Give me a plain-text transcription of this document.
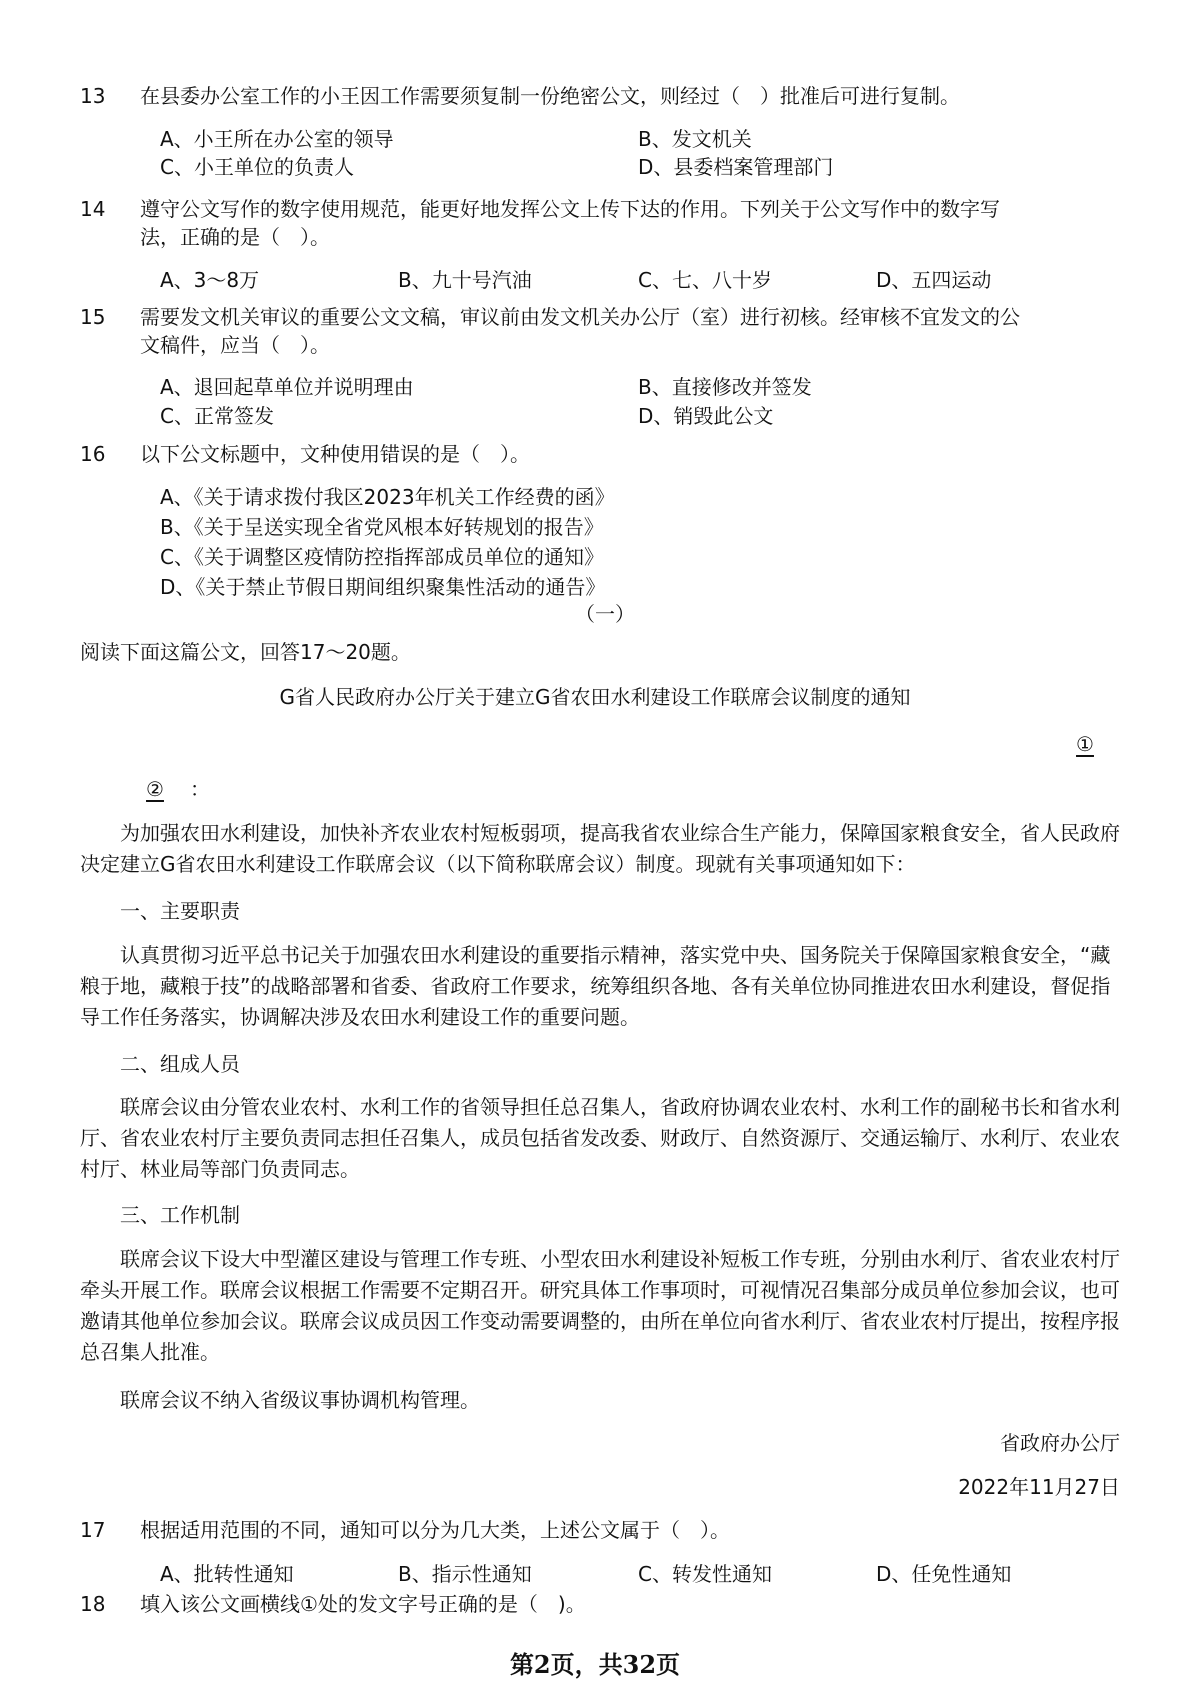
13	在县委办公室工作的小王因工作需要须复制一份绝密公文，则经过（　）批准后可进行复制。
A、小王所在办公室的领导	B、发文机关
C、小王单位的负责人	D、县委档案管理部门
14	遵守公文写作的数字使用规范，能更好地发挥公文上传下达的作用。下列关于公文写作中的数字写
法，正确的是（　）。
A、3～8万	B、九十号汽油	C、七、八十岁	D、五四运动
15	需要发文机关审议的重要公文文稿，审议前由发文机关办公厅（室）进行初核。经审核不宜发文的公
文稿件，应当（　）。
A、退回起草单位并说明理由	B、直接修改并签发
C、正常签发	D、销毁此公文
16	以下公文标题中，文种使用错误的是（　）。
A、《关于请求拨付我区2023年机关工作经费的函》
B、《关于呈送实现全省党风根本好转规划的报告》
C、《关于调整区疫情防控指挥部成员单位的通知》
D、《关于禁止节假日期间组织聚集性活动的通告》
（一）
阅读下面这篇公文，回答17～20题。
G省人民政府办公厅关于建立G省农田水利建设工作联席会议制度的通知
①
② ：
为加强农田水利建设，加快补齐农业农村短板弱项，提高我省农业综合生产能力，保障国家粮食安全，省人民政府决定建立G省农田水利建设工作联席会议（以下简称联席会议）制度。现就有关事项通知如下：
一、主要职责
认真贯彻习近平总书记关于加强农田水利建设的重要指示精神，落实党中央、国务院关于保障国家粮食安全，“藏粮于地，藏粮于技”的战略部署和省委、省政府工作要求，统筹组织各地、各有关单位协同推进农田水利建设，督促指导工作任务落实，协调解决涉及农田水利建设工作的重要问题。
二、组成人员
联席会议由分管农业农村、水利工作的省领导担任总召集人，省政府协调农业农村、水利工作的副秘书长和省水利厅、省农业农村厅主要负责同志担任召集人，成员包括省发改委、财政厅、自然资源厅、交通运输厅、水利厅、农业农村厅、林业局等部门负责同志。
三、工作机制
联席会议下设大中型灌区建设与管理工作专班、小型农田水利建设补短板工作专班，分别由水利厅、省农业农村厅牵头开展工作。联席会议根据工作需要不定期召开。研究具体工作事项时，可视情况召集部分成员单位参加会议，也可邀请其他单位参加会议。联席会议成员因工作变动需要调整的，由所在单位向省水利厅、省农业农村厅提出，按程序报总召集人批准。
联席会议不纳入省级议事协调机构管理。
省政府办公厅
2022年11月27日
17	根据适用范围的不同，通知可以分为几大类，上述公文属于（　）。
A、批转性通知	B、指示性通知	C、转发性通知	D、任免性通知
18	填入该公文画横线①处的发文字号正确的是（　)。
第2页，共32页
